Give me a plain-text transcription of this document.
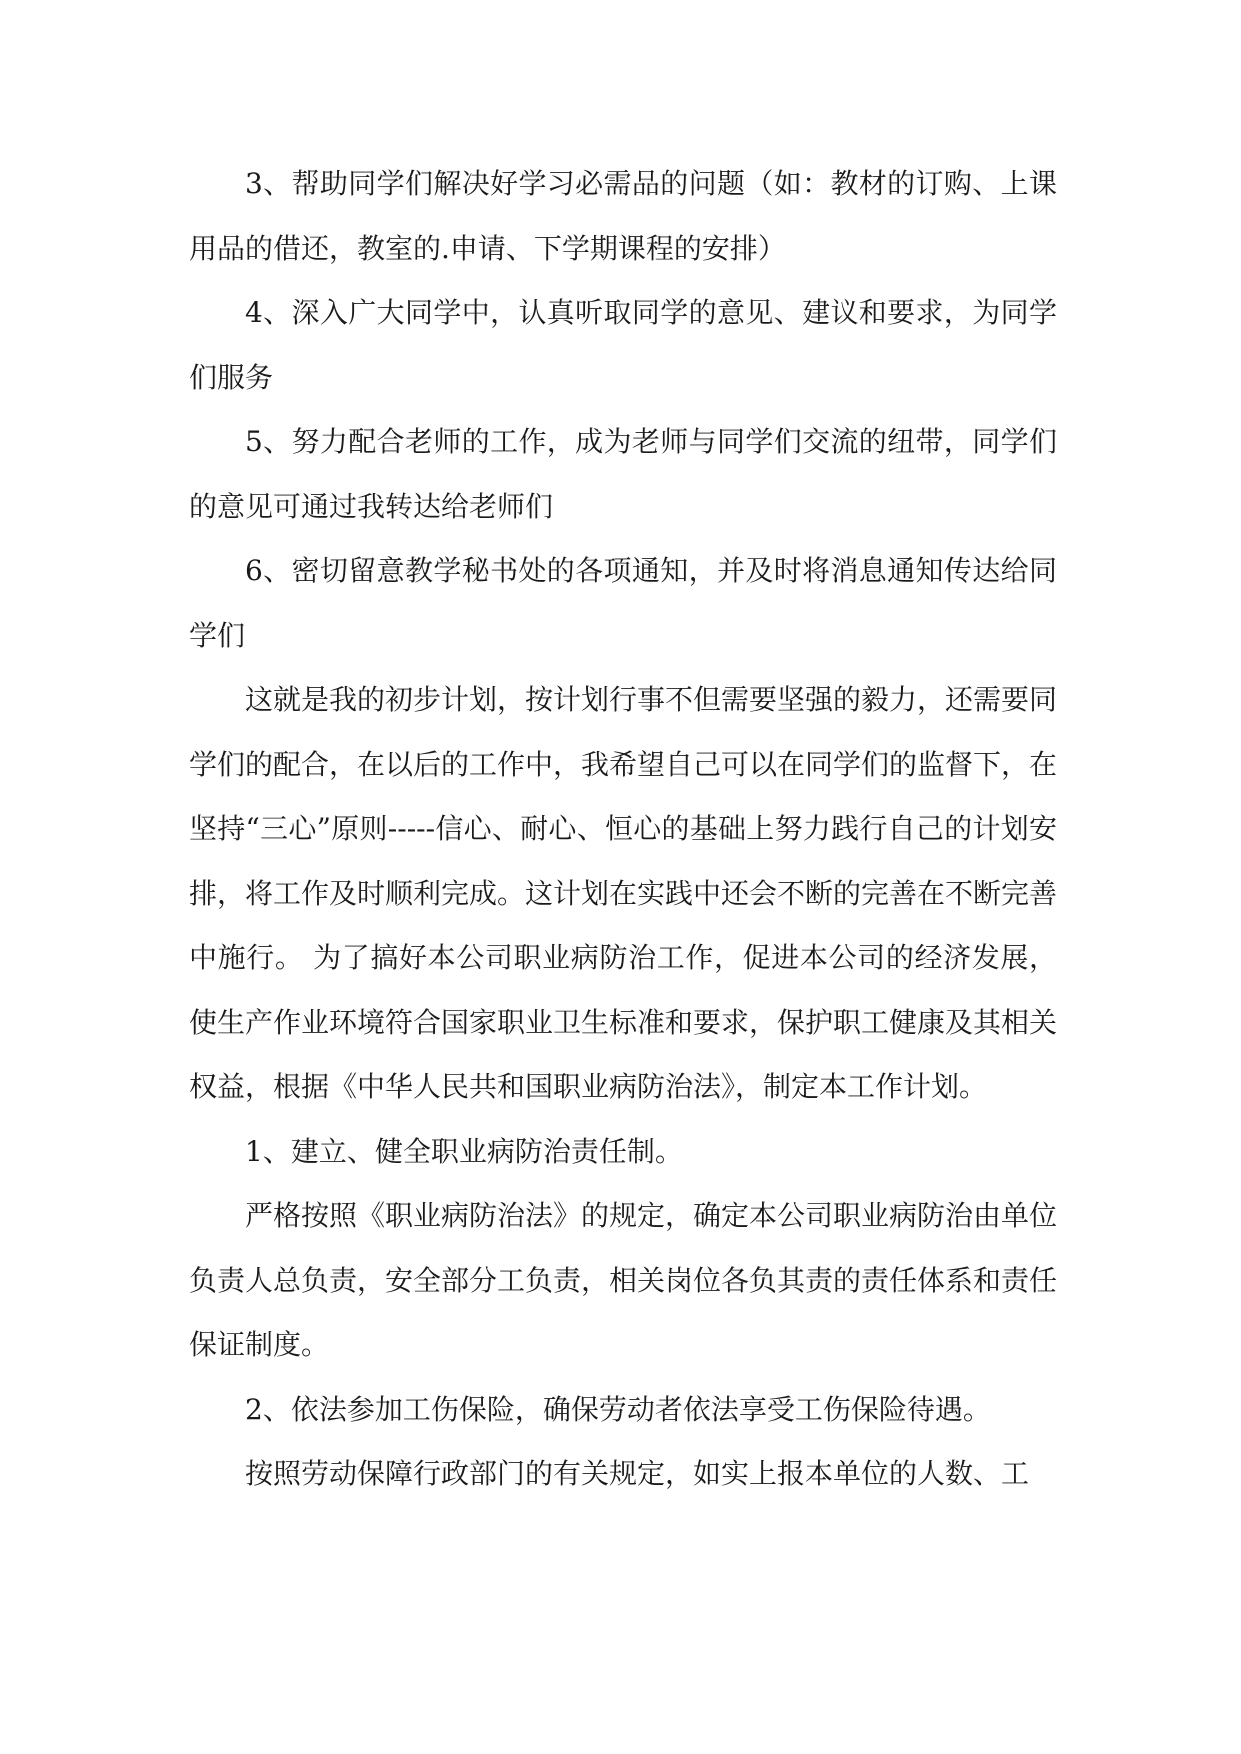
3、帮助同学们解决好学习必需品的问题（如：教材的订购、上课用品的借还，教室的.申请、下学期课程的安排）

4、深入广大同学中，认真听取同学的意见、建议和要求，为同学们服务

5、努力配合老师的工作，成为老师与同学们交流的纽带，同学们的意见可通过我转达给老师们

6、密切留意教学秘书处的各项通知，并及时将消息通知传达给同学们

这就是我的初步计划，按计划行事不但需要坚强的毅力，还需要同学们的配合，在以后的工作中，我希望自己可以在同学们的监督下，在坚持“三心”原则-----信心、耐心、恒心的基础上努力践行自己的计划安排，将工作及时顺利完成。这计划在实践中还会不断的完善在不断完善中施行。 为了搞好本公司职业病防治工作，促进本公司的经济发展，使生产作业环境符合国家职业卫生标准和要求，保护职工健康及其相关权益，根据《中华人民共和国职业病防治法》，制定本工作计划。

1、建立、健全职业病防治责任制。

严格按照《职业病防治法》的规定，确定本公司职业病防治由单位负责人总负责，安全部分工负责，相关岗位各负其责的责任体系和责任保证制度。

2、依法参加工伤保险，确保劳动者依法享受工伤保险待遇。

按照劳动保障行政部门的有关规定，如实上报本单位的人数、工
